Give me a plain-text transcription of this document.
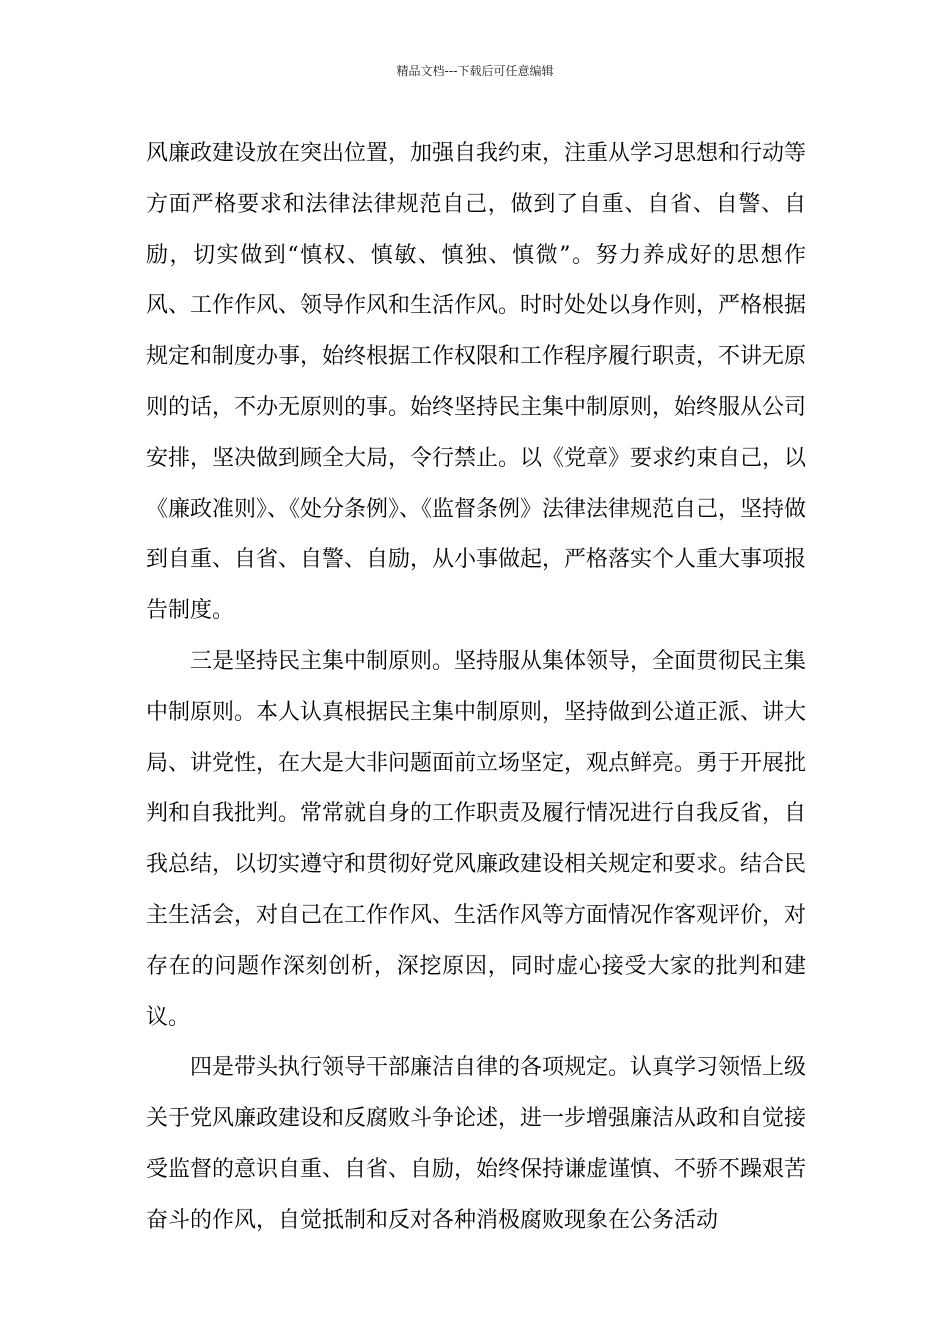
精品文档---下载后可任意编辑

风廉政建设放在突出位置，加强自我约束，注重从学习思想和行动等方面严格要求和法律法律规范自己，做到了自重、自省、自警、自励，切实做到“慎权、慎敏、慎独、慎微”。努力养成好的思想作风、工作作风、领导作风和生活作风。时时处处以身作则，严格根据规定和制度办事，始终根据工作权限和工作程序履行职责，不讲无原则的话，不办无原则的事。始终坚持民主集中制原则，始终服从公司安排，坚决做到顾全大局，令行禁止。以《党章》要求约束自己，以《廉政准则》、《处分条例》、《监督条例》法律法律规范自己，坚持做到自重、自省、自警、自励，从小事做起，严格落实个人重大事项报告制度。

三是坚持民主集中制原则。坚持服从集体领导，全面贯彻民主集中制原则。本人认真根据民主集中制原则，坚持做到公道正派、讲大局、讲党性，在大是大非问题面前立场坚定，观点鲜亮。勇于开展批判和自我批判。常常就自身的工作职责及履行情况进行自我反省，自我总结，以切实遵守和贯彻好党风廉政建设相关规定和要求。结合民主生活会，对自己在工作作风、生活作风等方面情况作客观评价，对存在的问题作深刻创析，深挖原因，同时虚心接受大家的批判和建议。

四是带头执行领导干部廉洁自律的各项规定。认真学习领悟上级关于党风廉政建设和反腐败斗争论述，进一步增强廉洁从政和自觉接受监督的意识自重、自省、自励，始终保持谦虚谨慎、不骄不躁艰苦奋斗的作风，自觉抵制和反对各种消极腐败现象在公务活动
